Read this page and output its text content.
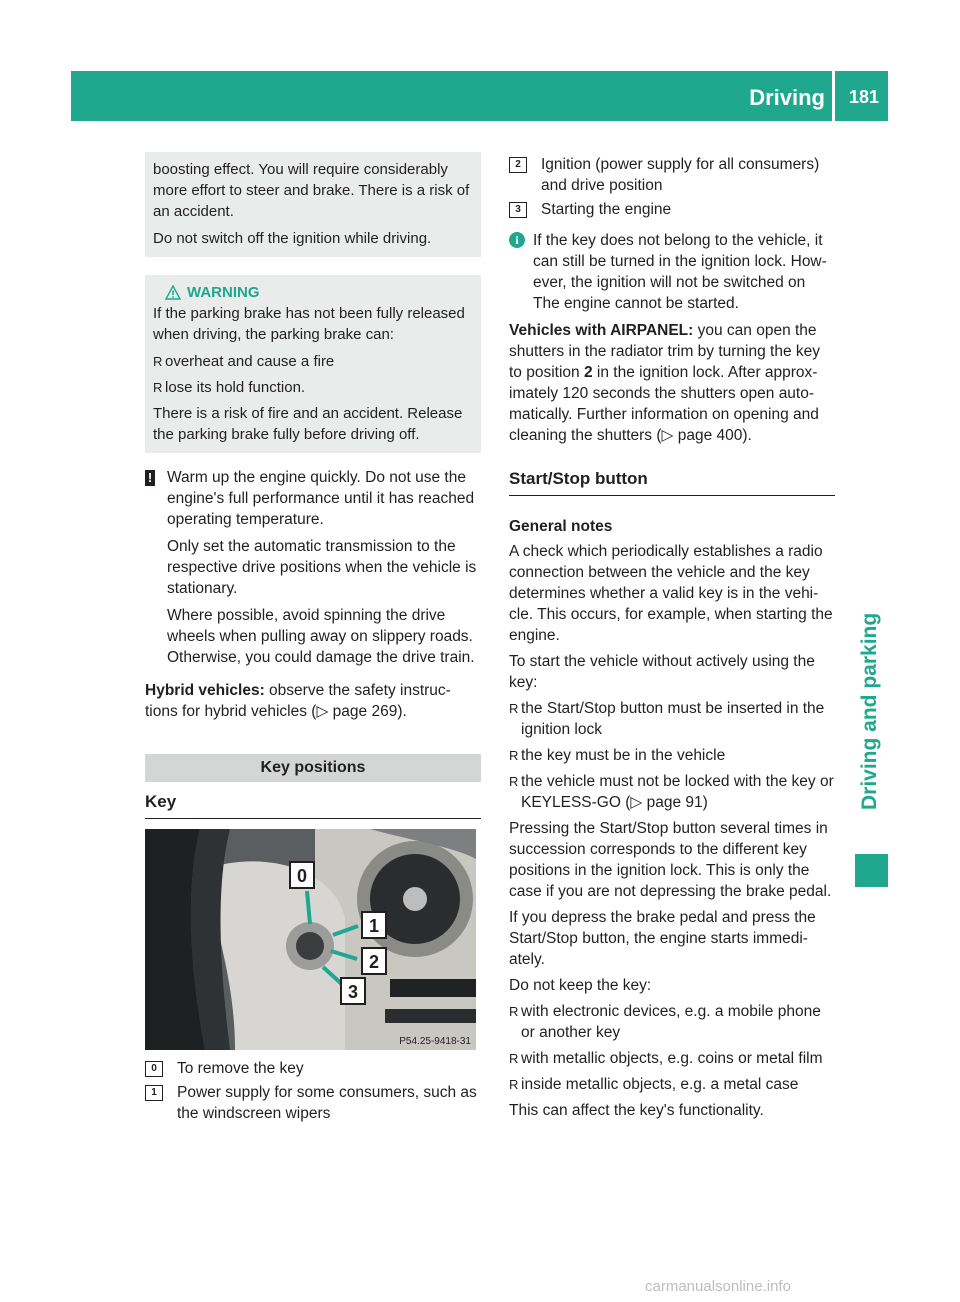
Driving	181
Driving and parking

boosting effect. You will require considerably more effort to steer and brake. There is a risk of an accident.

Do not switch off the ignition while driving.

WARNING

If the parking brake has not been fully released when driving, the parking brake can:

R overheat and cause a fire
R lose its hold function.

There is a risk of fire and an accident. Release the parking brake fully before driving off.

! Warm up the engine quickly. Do not use the engine's full performance until it has reached operating temperature.

Only set the automatic transmission to the respective drive positions when the vehicle is stationary.

Where possible, avoid spinning the drive wheels when pulling away on slippery roads. Otherwise, you could damage the drive train.

Hybrid vehicles: observe the safety instruc- tions for hybrid vehicles (▷ page 269).

Key positions
Key
0
1
2
3
P54.25-9418-31
0	To remove the key
1	Power supply for some consumers, such as the windscreen wipers
2	Ignition (power supply for all consumers) and drive position
3	Starting the engine
i If the key does not belong to the vehicle, it can still be turned in the ignition lock. How- ever, the ignition will not be switched on The engine cannot be started.

Vehicles with AIRPANEL: you can open the shutters in the radiator trim by turning the key to position 2 in the ignition lock. After approx- imately 120 seconds the shutters open auto- matically. Further information on opening and cleaning the shutters (▷ page 400).

Start/Stop button
General notes

A check which periodically establishes a radio connection between the vehicle and the key determines whether a valid key is in the vehi- cle. This occurs, for example, when starting the engine.

To start the vehicle without actively using the key:

R the Start/Stop button must be inserted in the ignition lock
R the key must be in the vehicle
R the vehicle must not be locked with the key or KEYLESS-GO (▷ page 91)

Pressing the Start/Stop button several times in succession corresponds to the different key positions in the ignition lock. This is only the case if you are not depressing the brake pedal.

If you depress the brake pedal and press the Start/Stop button, the engine starts immedi- ately.

Do not keep the key:

R with electronic devices, e.g. a mobile phone or another key
R with metallic objects, e.g. coins or metal film
R inside metallic objects, e.g. a metal case

This can affect the key's functionality.

carmanualsonline.info
